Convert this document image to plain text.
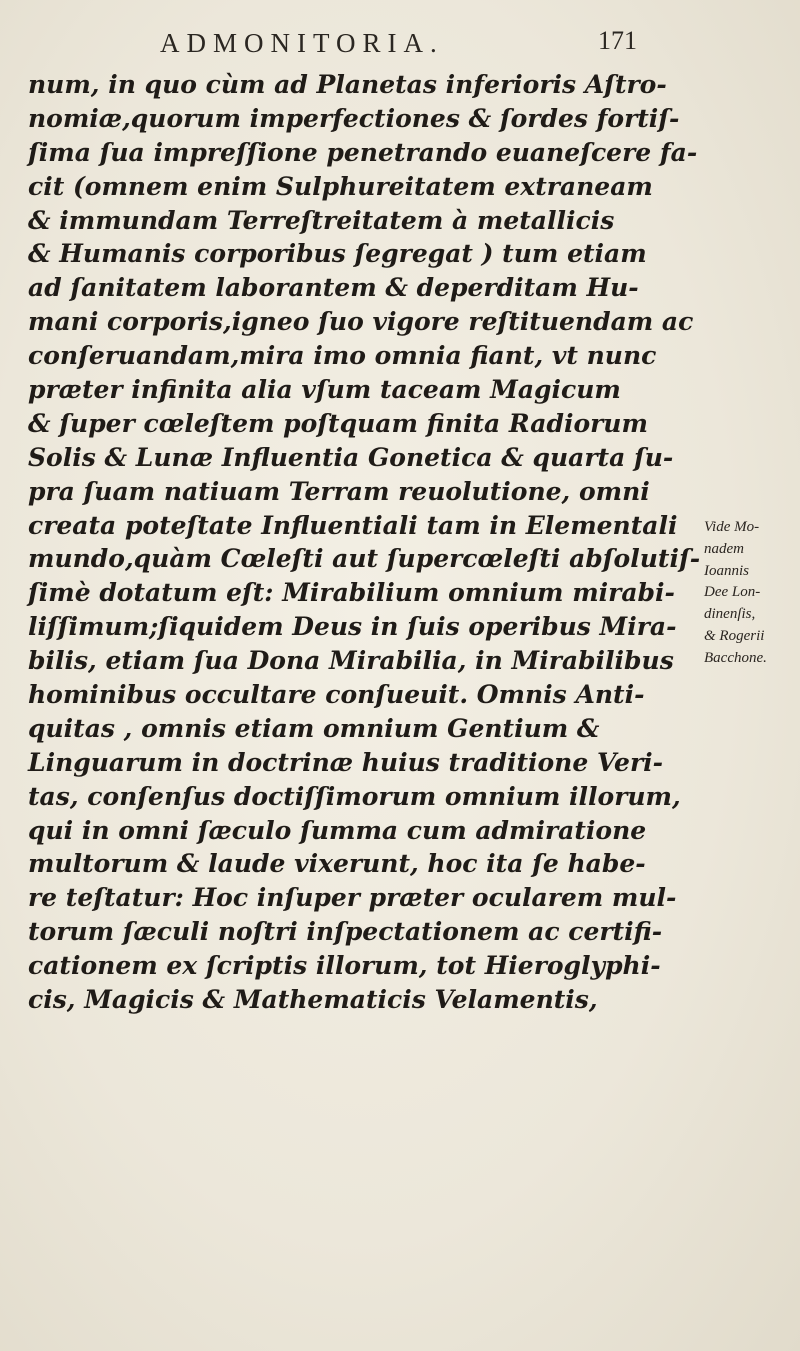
ADMONITORIA.	171
num, in quo cùm ad Planetas inferioris Aſtro-
nomiæ,quorum imperfectiones & ſordes fortiſ-
ſima ſua impreſſione penetrando euaneſcere fa-
cit (omnem enim Sulphureitatem extraneam
& immundam Terreſtreitatem à metallicis
& Humanis corporibus ſegregat ) tum etiam
ad ſanitatem laborantem & deperditam Hu-
mani corporis,igneo ſuo vigore reſtituendam ac
conſeruandam,mira imo omnia fiant, vt nunc
præter infinita alia vſum taceam Magicum
& ſuper cœleſtem poſtquam finita Radiorum
Solis & Lunæ Influentia Gonetica & quarta ſu-
pra ſuam natiuam Terram reuolutione, omni
creata poteſtate Influentiali tam in Elementali
mundo,quàm Cœleſti aut ſupercœleſti abſolutiſ-
ſimè dotatum eſt: Mirabilium omnium mirabi-
liſſimum;ſiquidem Deus in ſuis operibus Mira-
bilis, etiam ſua Dona Mirabilia, in Mirabilibus
hominibus occultare conſueuit. Omnis Anti-
quitas , omnis etiam omnium Gentium &
Linguarum in doctrinæ huius traditione Veri-
tas, conſenſus doctiſſimorum omnium illorum,
qui in omni ſæculo ſumma cum admiratione
multorum & laude vixerunt, hoc ita ſe habe-
re teſtatur: Hoc inſuper præter ocularem mul-
torum ſæculi noſtri inſpectationem ac certifi-
cationem ex ſcriptis illorum, tot Hieroglyphi-
cis, Magicis & Mathematicis Velamentis,
Vide Mo-
nadem
Ioannis
Dee Lon-
dinenſis,
& Rogerii
Bacchone.
